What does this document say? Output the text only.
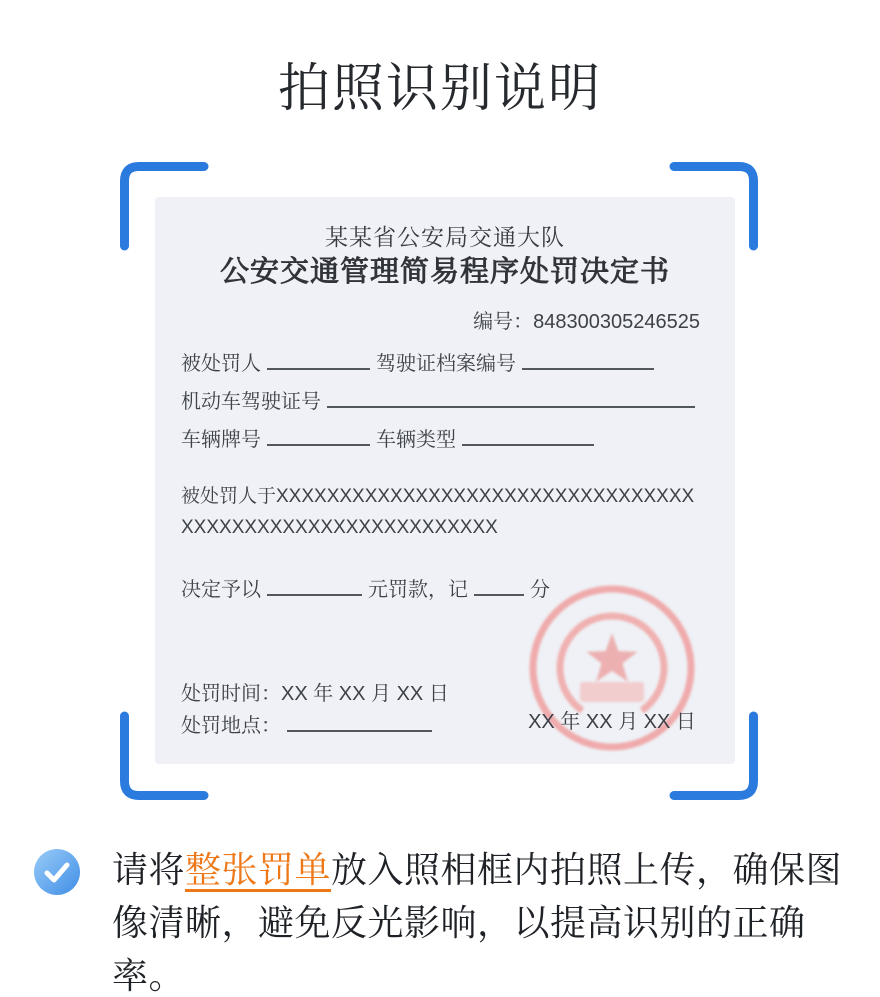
拍照识别说明
某某省公安局交通大队
公安交通管理简易程序处罚决定书
编号：848300305246525
被处罚人	驾驶证档案编号
机动车驾驶证号
车辆牌号	车辆类型
被处罚人于XXXXXXXXXXXXXXXXXXXXXXXXXXXXXXXXXXXXXXXXXXXXXXXXXXXXXXXXXX
决定予以	元罚款，记	分
XX 年 XX 月 XX 日
处罚时间：XX 年 XX 月 XX 日
处罚地点：
请将整张罚单放入照相框内拍照上传，确保图像清晰，避免反光影响，以提高识别的正确率。
